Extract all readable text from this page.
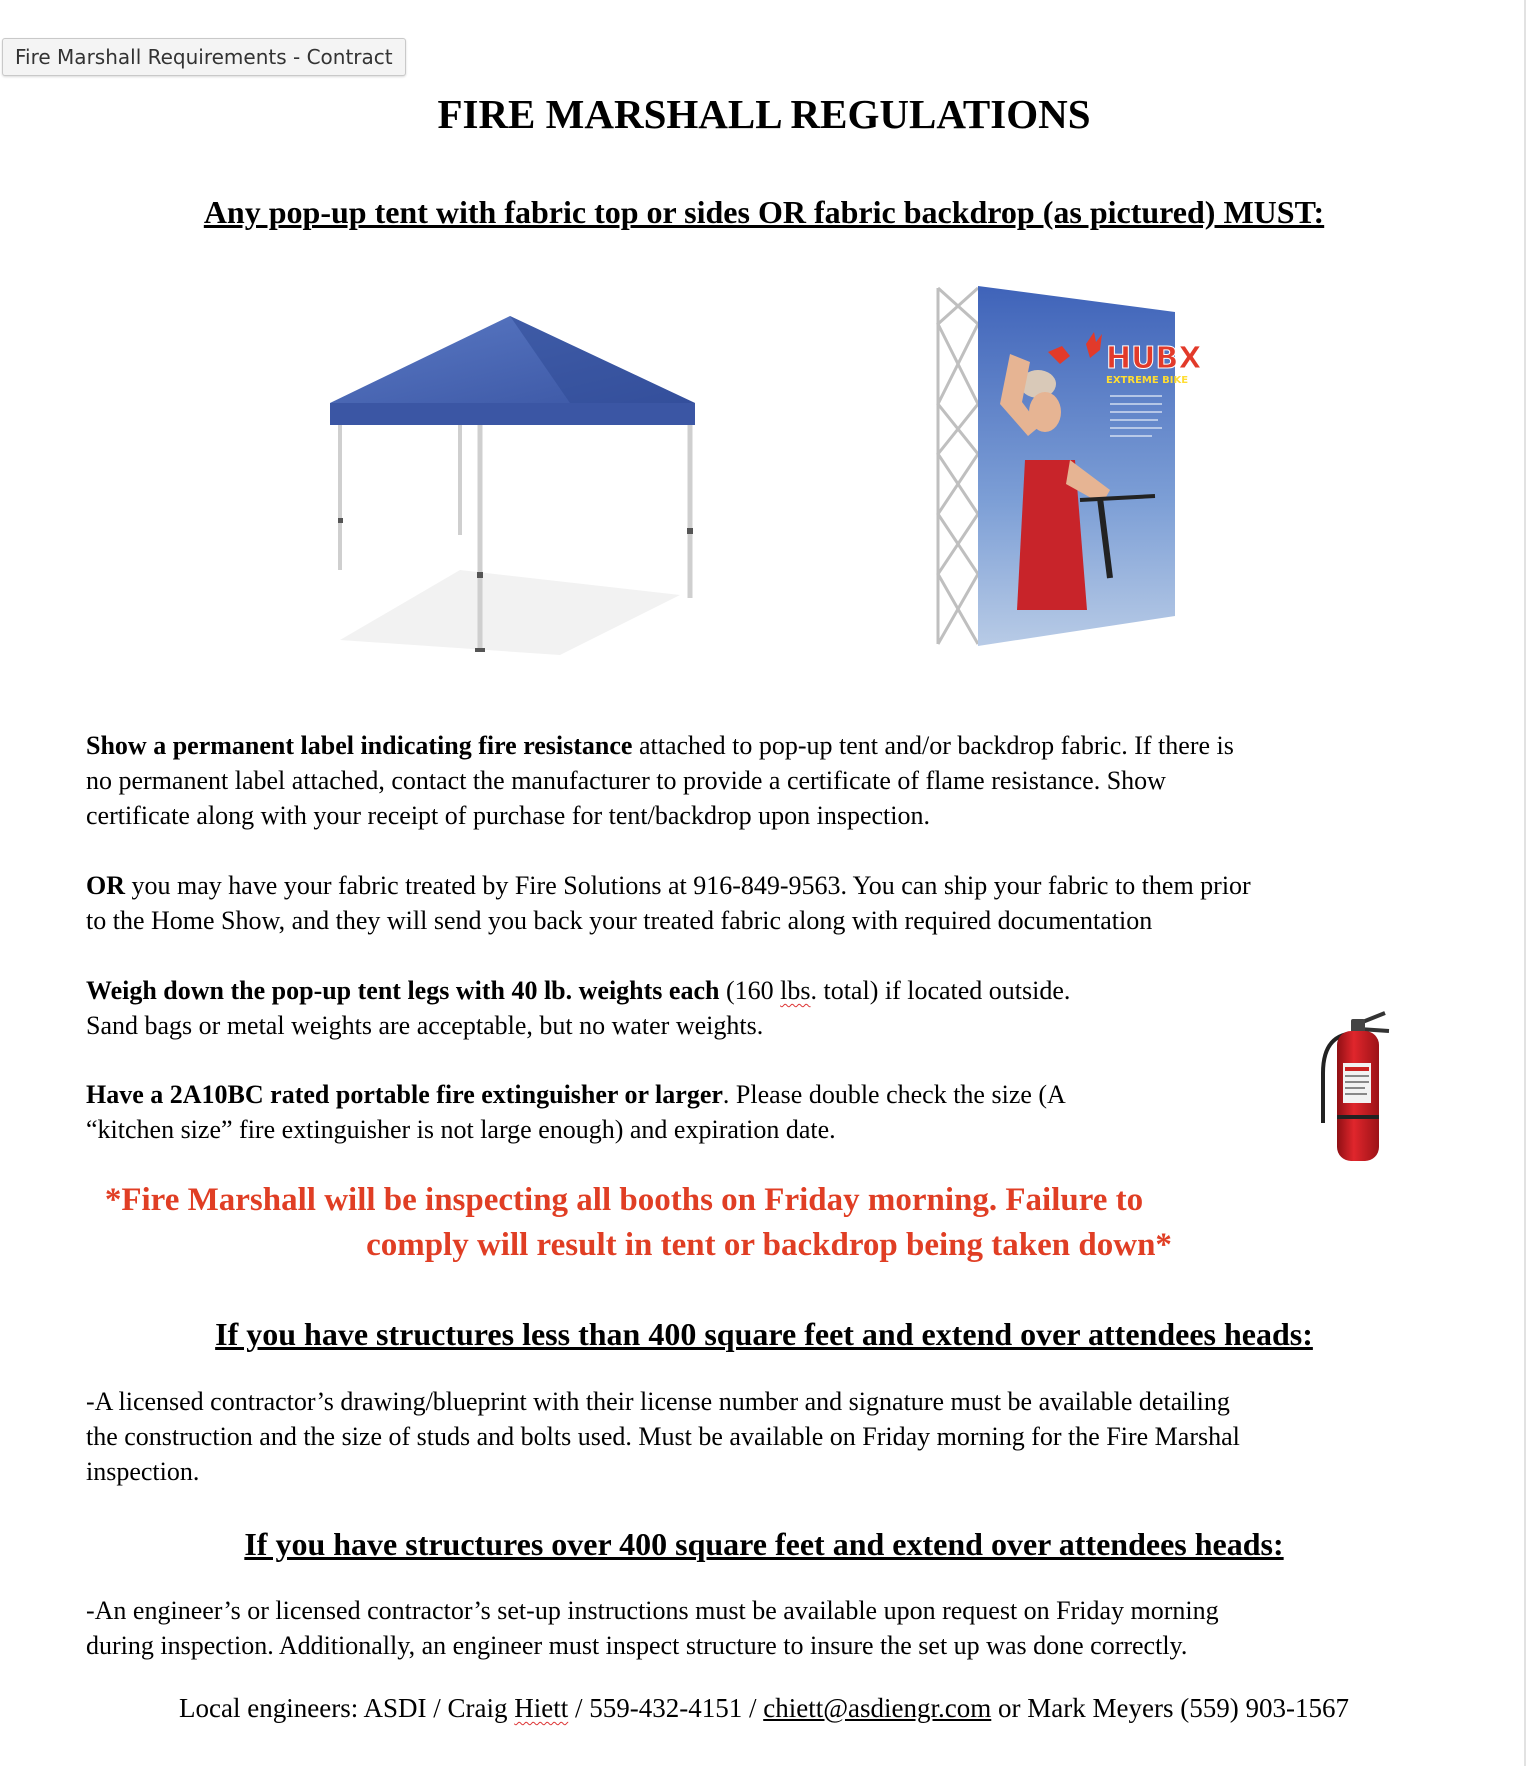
Fire Marshall Requirements - Contract
FIRE MARSHALL REGULATIONS
Any pop-up tent with fabric top or sides OR fabric backdrop (as pictured) MUST:
HUBX
EXTREME BIKE

Show a permanent label indicating fire resistance attached to pop-up tent and/or backdrop fabric. If there is
no permanent label attached, contact the manufacturer to provide a certificate of flame resistance. Show
certificate along with your receipt of purchase for tent/backdrop upon inspection.

OR you may have your fabric treated by Fire Solutions at 916-849-9563. You can ship your fabric to them prior
to the Home Show, and they will send you back your treated fabric along with required documentation

Weigh down the pop-up tent legs with 40 lb. weights each (160 lbs. total) if located outside.
Sand bags or metal weights are acceptable, but no water weights.

Have a 2A10BC rated portable fire extinguisher or larger. Please double check the size (A
“kitchen size” fire extinguisher is not large enough) and expiration date.

*Fire Marshall will be inspecting all booths on Friday morning. Failure to
comply will result in tent or backdrop being taken down*

If you have structures less than 400 square feet and extend over attendees heads:

-A licensed contractor’s drawing/blueprint with their license number and signature must be available detailing
the construction and the size of studs and bolts used. Must be available on Friday morning for the Fire Marshal
inspection.

If you have structures over 400 square feet and extend over attendees heads:

-An engineer’s or licensed contractor’s set-up instructions must be available upon request on Friday morning
during inspection. Additionally, an engineer must inspect structure to insure the set up was done correctly.

Local engineers: ASDI / Craig Hiett / 559-432-4151 / chiett@asdiengr.com or Mark Meyers (559) 903-1567
